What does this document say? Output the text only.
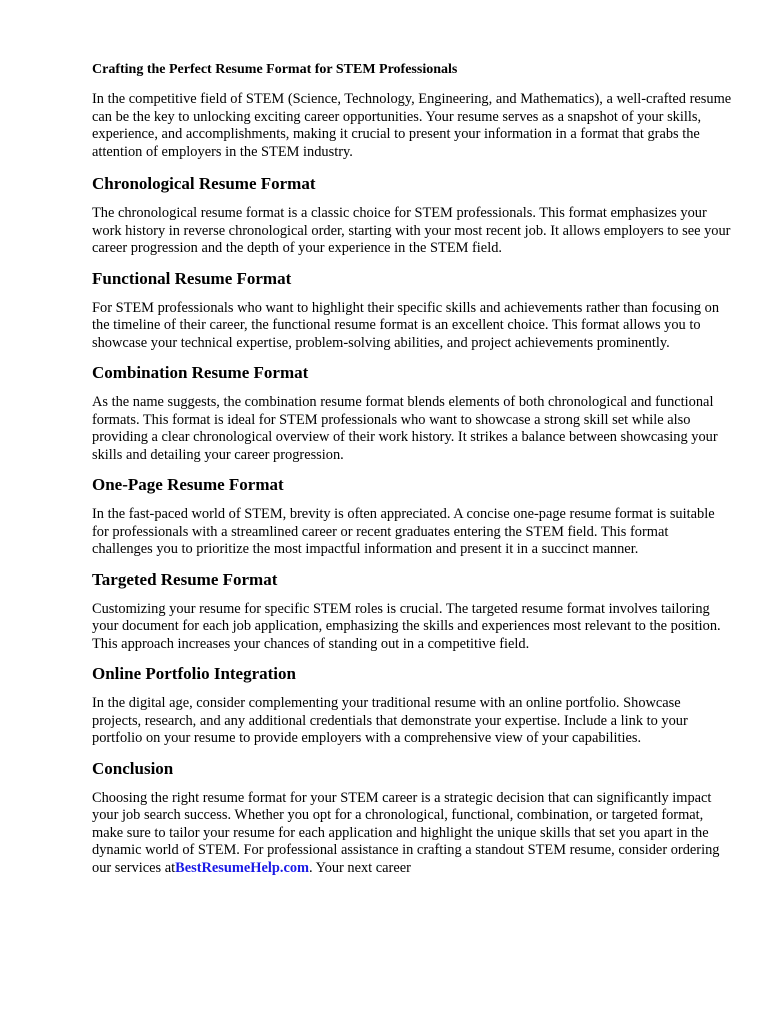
Crafting the Perfect Resume Format for STEM Professionals

In the competitive field of STEM (Science, Technology, Engineering, and Mathematics), a well-crafted resume can be the key to unlocking exciting career opportunities. Your resume serves as a snapshot of your skills, experience, and accomplishments, making it crucial to present your information in a format that grabs the attention of employers in the STEM industry.

Chronological Resume Format

The chronological resume format is a classic choice for STEM professionals. This format emphasizes your work history in reverse chronological order, starting with your most recent job. It allows employers to see your career progression and the depth of your experience in the STEM field.

Functional Resume Format

For STEM professionals who want to highlight their specific skills and achievements rather than focusing on the timeline of their career, the functional resume format is an excellent choice. This format allows you to showcase your technical expertise, problem-solving abilities, and project achievements prominently.

Combination Resume Format

As the name suggests, the combination resume format blends elements of both chronological and functional formats. This format is ideal for STEM professionals who want to showcase a strong skill set while also providing a clear chronological overview of their work history. It strikes a balance between showcasing your skills and detailing your career progression.

One-Page Resume Format

In the fast-paced world of STEM, brevity is often appreciated. A concise one-page resume format is suitable for professionals with a streamlined career or recent graduates entering the STEM field. This format challenges you to prioritize the most impactful information and present it in a succinct manner.

Targeted Resume Format

Customizing your resume for specific STEM roles is crucial. The targeted resume format involves tailoring your document for each job application, emphasizing the skills and experiences most relevant to the position. This approach increases your chances of standing out in a competitive field.

Online Portfolio Integration

In the digital age, consider complementing your traditional resume with an online portfolio. Showcase projects, research, and any additional credentials that demonstrate your expertise. Include a link to your portfolio on your resume to provide employers with a comprehensive view of your capabilities.

Conclusion

Choosing the right resume format for your STEM career is a strategic decision that can significantly impact your job search success. Whether you opt for a chronological, functional, combination, or targeted format, make sure to tailor your resume for each application and highlight the unique skills that set you apart in the dynamic world of STEM. For professional assistance in crafting a standout STEM resume, consider ordering our services atBestResumeHelp.com. Your next career
